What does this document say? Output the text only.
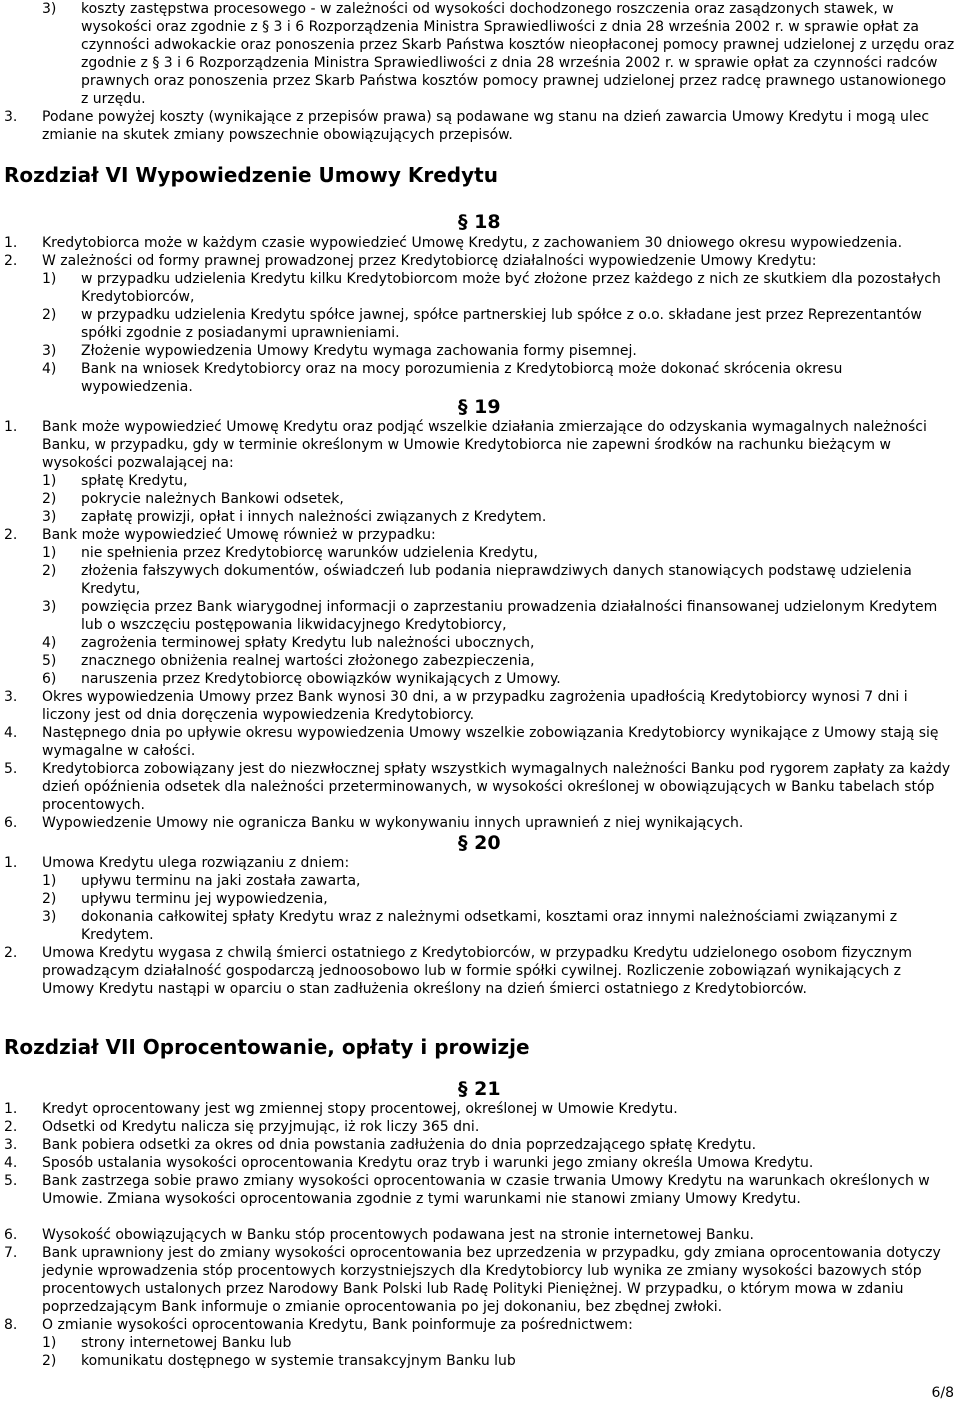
3) koszty zastępstwa procesowego - w zależności od wysokości dochodzonego roszczenia oraz zasądzonych stawek, w wysokości oraz zgodnie z § 3 i 6 Rozporządzenia Ministra Sprawiedliwości z dnia 28 września 2002 r. w sprawie opłat za czynności adwokackie oraz ponoszenia przez Skarb Państwa kosztów nieopłaconej pomocy prawnej udzielonej z urzędu oraz zgodnie z § 3 i 6 Rozporządzenia Ministra Sprawiedliwości z dnia 28 września 2002 r. w sprawie opłat za czynności radców prawnych oraz ponoszenia przez Skarb Państwa kosztów pomocy prawnej udzielonej przez radcę prawnego ustanowionego z urzędu.
3. Podane powyżej koszty (wynikające z przepisów prawa) są podawane wg stanu na dzień zawarcia Umowy Kredytu i mogą ulec zmianie na skutek zmiany powszechnie obowiązujących przepisów.
Rozdział VI Wypowiedzenie Umowy Kredytu
§ 18
1. Kredytobiorca może w każdym czasie wypowiedzieć Umowę Kredytu, z zachowaniem 30 dniowego okresu wypowiedzenia.
2. W zależności od formy prawnej prowadzonej przez Kredytobiorcę działalności wypowiedzenie Umowy Kredytu:
1) w przypadku udzielenia Kredytu kilku Kredytobiorcom może być złożone przez każdego z nich ze skutkiem dla pozostałych Kredytobiorców,
2) w przypadku udzielenia Kredytu spółce jawnej, spółce partnerskiej lub spółce z o.o. składane jest przez Reprezentantów spółki zgodnie z posiadanymi uprawnieniami.
3) Złożenie wypowiedzenia Umowy Kredytu wymaga zachowania formy pisemnej.
4) Bank na wniosek Kredytobiorcy oraz na mocy porozumienia z Kredytobiorcą może dokonać skrócenia okresu wypowiedzenia.
§ 19
1. Bank może wypowiedzieć Umowę Kredytu oraz podjąć wszelkie działania zmierzające do odzyskania wymagalnych należności Banku, w przypadku, gdy w terminie określonym w Umowie Kredytobiorca nie zapewni środków na rachunku bieżącym w wysokości pozwalającej na:
1) spłatę Kredytu,
2) pokrycie należnych Bankowi odsetek,
3) zapłatę prowizji, opłat i innych należności związanych z Kredytem.
2. Bank może wypowiedzieć Umowę również w przypadku:
1) nie spełnienia przez Kredytobiorcę warunków udzielenia Kredytu,
2) złożenia fałszywych dokumentów, oświadczeń lub podania nieprawdziwych danych stanowiących podstawę udzielenia Kredytu,
3) powzięcia przez Bank wiarygodnej informacji o zaprzestaniu prowadzenia działalności finansowanej udzielonym Kredytem lub o wszczęciu postępowania likwidacyjnego Kredytobiorcy,
4) zagrożenia terminowej spłaty Kredytu lub należności ubocznych,
5) znacznego obniżenia realnej wartości złożonego zabezpieczenia,
6) naruszenia przez Kredytobiorcę obowiązków wynikających z Umowy.
3. Okres wypowiedzenia Umowy przez Bank wynosi 30 dni, a w przypadku zagrożenia upadłością Kredytobiorcy wynosi 7 dni i liczony jest od dnia doręczenia wypowiedzenia Kredytobiorcy.
4. Następnego dnia po upływie okresu wypowiedzenia Umowy wszelkie zobowiązania Kredytobiorcy wynikające z Umowy stają się wymagalne w całości.
5. Kredytobiorca zobowiązany jest do niezwłocznej spłaty wszystkich wymagalnych należności Banku pod rygorem zapłaty za każdy dzień opóźnienia odsetek dla należności przeterminowanych, w wysokości określonej w obowiązujących w Banku tabelach stóp procentowych.
6. Wypowiedzenie Umowy nie ogranicza Banku w wykonywaniu innych uprawnień z niej wynikających.
§ 20
1. Umowa Kredytu ulega rozwiązaniu z dniem:
1) upływu terminu na jaki została zawarta,
2) upływu terminu jej wypowiedzenia,
3) dokonania całkowitej spłaty Kredytu wraz z należnymi odsetkami, kosztami oraz innymi należnościami związanymi z Kredytem.
2. Umowa Kredytu wygasa z chwilą śmierci ostatniego z Kredytobiorców, w przypadku Kredytu udzielonego osobom fizycznym prowadzącym działalność gospodarczą jednoosobowo lub w formie spółki cywilnej. Rozliczenie zobowiązań wynikających z Umowy Kredytu nastąpi w oparciu o stan zadłużenia określony na dzień śmierci ostatniego z Kredytobiorców.
Rozdział VII Oprocentowanie, opłaty i prowizje
§ 21
1. Kredyt oprocentowany jest wg zmiennej stopy procentowej, określonej w Umowie Kredytu.
2. Odsetki od Kredytu nalicza się przyjmując, iż rok liczy 365 dni.
3. Bank pobiera odsetki za okres od dnia powstania zadłużenia do dnia poprzedzającego spłatę Kredytu.
4. Sposób ustalania wysokości oprocentowania Kredytu oraz tryb i warunki jego zmiany określa Umowa Kredytu.
5. Bank zastrzega sobie prawo zmiany wysokości oprocentowania w czasie trwania Umowy Kredytu na warunkach określonych w Umowie. Zmiana wysokości oprocentowania zgodnie z tymi warunkami nie stanowi zmiany Umowy Kredytu.
6. Wysokość obowiązujących w Banku stóp procentowych podawana jest na stronie internetowej Banku.
7. Bank uprawniony jest do zmiany wysokości oprocentowania bez uprzedzenia w przypadku, gdy zmiana oprocentowania dotyczy jedynie wprowadzenia stóp procentowych korzystniejszych dla Kredytobiorcy lub wynika ze zmiany wysokości bazowych stóp procentowych ustalonych przez Narodowy Bank Polski lub Radę Polityki Pieniężnej. W przypadku, o którym mowa w zdaniu poprzedzającym Bank informuje o zmianie oprocentowania po jej dokonaniu, bez zbędnej zwłoki.
8. O zmianie wysokości oprocentowania Kredytu, Bank poinformuje za pośrednictwem:
1) strony internetowej Banku lub
2) komunikatu dostępnego w systemie transakcyjnym Banku lub
6/8
